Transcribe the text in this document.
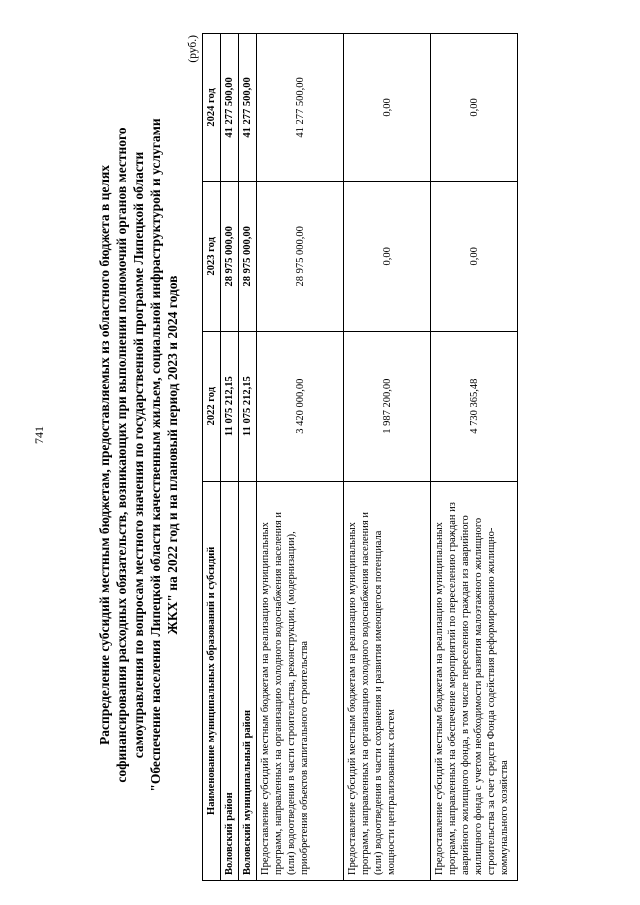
741	Распределение субсидий местным бюджетам, предоставляемых из областного бюджета в целях софинансирования расходных обязательств, возникающих при выполнении полномочий органов местного самоуправления по вопросам местного значения по государственной программе Липецкой области "Обеспечение населения Липецкой области качественным жильем, социальной инфраструктурой и услугами ЖКХ" на 2022 год и на плановый период 2023 и 2024 годов
(руб.)
Наименование муниципальных образований и субсидий	2022 год	2023 год	2024 год
Воловский район	11 075 212,15	28 975 000,00	41 277 500,00
Воловский муниципальный район	11 075 212,15	28 975 000,00	41 277 500,00
Предоставление субсидий местным бюджетам на реализацию муниципальных программ, направленных на организацию холодного водоснабжения населения и (или) водоотведения в части строительства, реконструкции, (модернизации), приобретения объектов капитального строительства	3 420 000,00	28 975 000,00	41 277 500,00
Предоставление субсидий местным бюджетам на реализацию муниципальных программ, направленных на организацию холодного водоснабжения населения и (или) водоотведения в части сохранения и развития имеющегося потенциала мощности централизованных систем	1 987 200,00	0,00	0,00
Предоставление субсидий местным бюджетам на реализацию муниципальных программ, направленных на обеспечение мероприятий по переселению граждан из аварийного жилищного фонда, в том числе переселению граждан из аварийного жилищного фонда с учетом необходимости развития малоэтажного жилищного строительства за счет средств Фонда содействия реформированию жилищно-коммунального хозяйства	4 730 365,48	0,00	0,00
